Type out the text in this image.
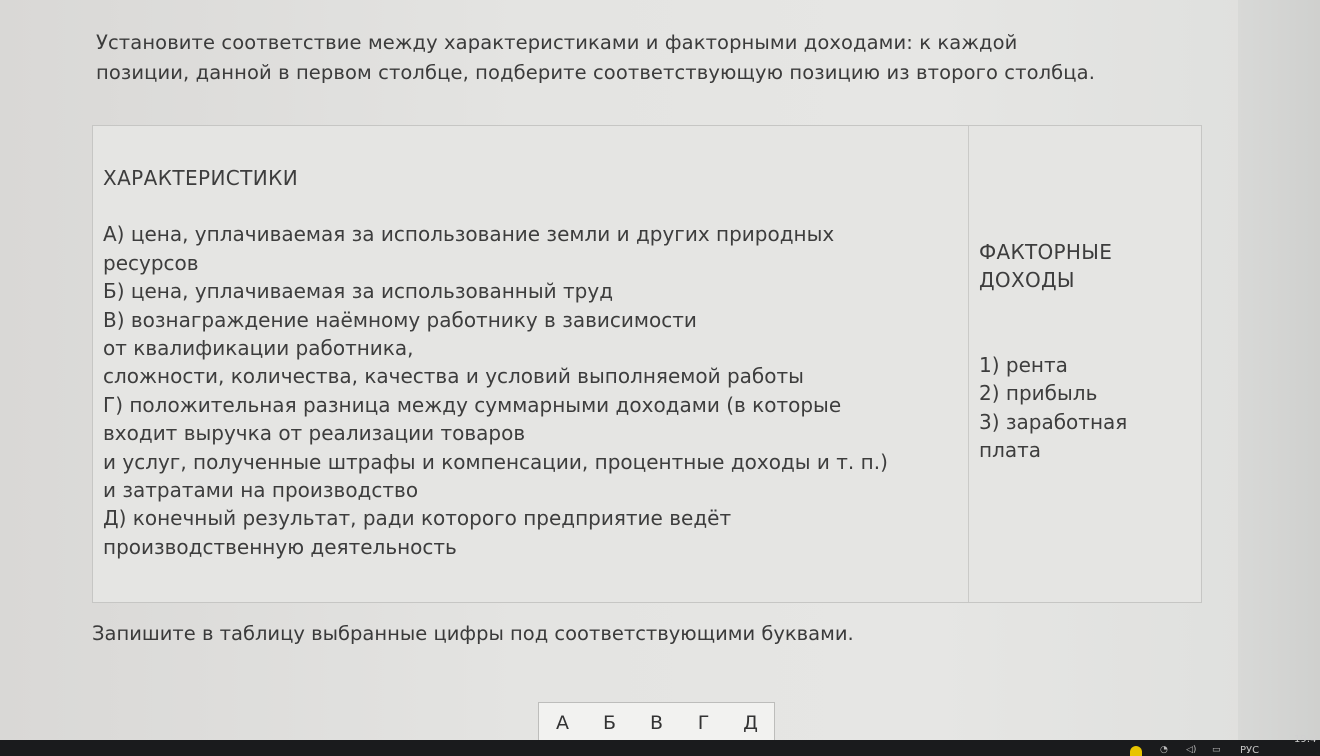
Установите соответствие между характеристиками и факторными доходами: к каждой
позиции, данной в первом столбце, подберите соответствующую позицию из второго столбца.
ХАРАКТЕРИСТИКИ
А) цена, уплачиваемая за использование земли и других природных
ресурсов
Б) цена, уплачиваемая за использованный труд
В) вознаграждение наёмному работнику в зависимости
от квалификации работника,
сложности, количества, качества и условий выполняемой работы
Г) положительная разница между суммарными доходами (в которые
входит выручка от реализации товаров
и услуг, полученные штрафы и компенсации, процентные доходы и т. п.)
и затратами на производство
Д) конечный результат, ради которого предприятие ведёт
производственную деятельность
ФАКТОРНЫЕ
ДОХОДЫ
1) рента
2) прибыль
3) заработная
плата
Запишите в таблицу выбранные цифры под соответствующими буквами.
А	Б	В	Г	Д
◔ ◁) ▭ РУС
19:4
